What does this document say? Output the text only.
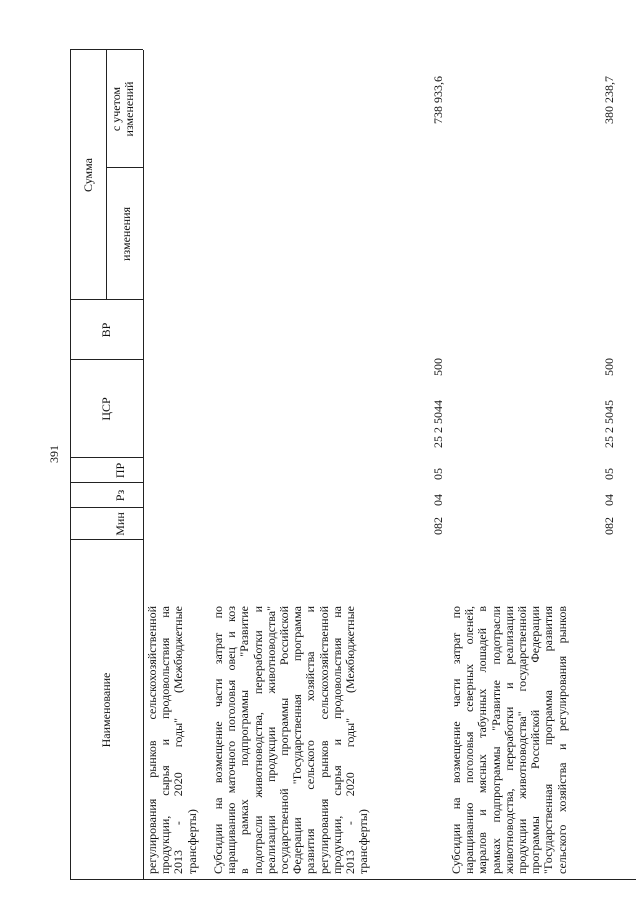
391
Наименование
Мин
Рз
ПР
ЦСР
ВР
Сумма
изменения
с учетом
изменений
регулирования рынков сельскохозяйственной продукции, сырья и продовольствия на 2013 - 2020 годы" (Межбюджетные трансферты) Субсидии на возмещение части затрат по наращиванию маточного поголовья овец и коз в рамках подпрограммы "Развитие подотрасли животноводства, переработки и реализации продукции животноводства" государственной программы Российской Федерации "Государственная программа развития сельского хозяйства и регулирования рынков сельскохозяйственной продукции, сырья и продовольствия на 2013 - 2020 годы" (Межбюджетные трансферты)
082
04
05
25 2 5044
500
738 933,6
Субсидии на возмещение части затрат по наращиванию поголовья северных оленей, маралов и мясных табунных лошадей в рамках подпрограммы "Развитие подотрасли животноводства, переработки и реализации продукции животноводства" государственной программы Российской Федерации "Государственная программа развития сельского хозяйства и регулирования рынков
082
04
05
25 2 5045
500
380 238,7
